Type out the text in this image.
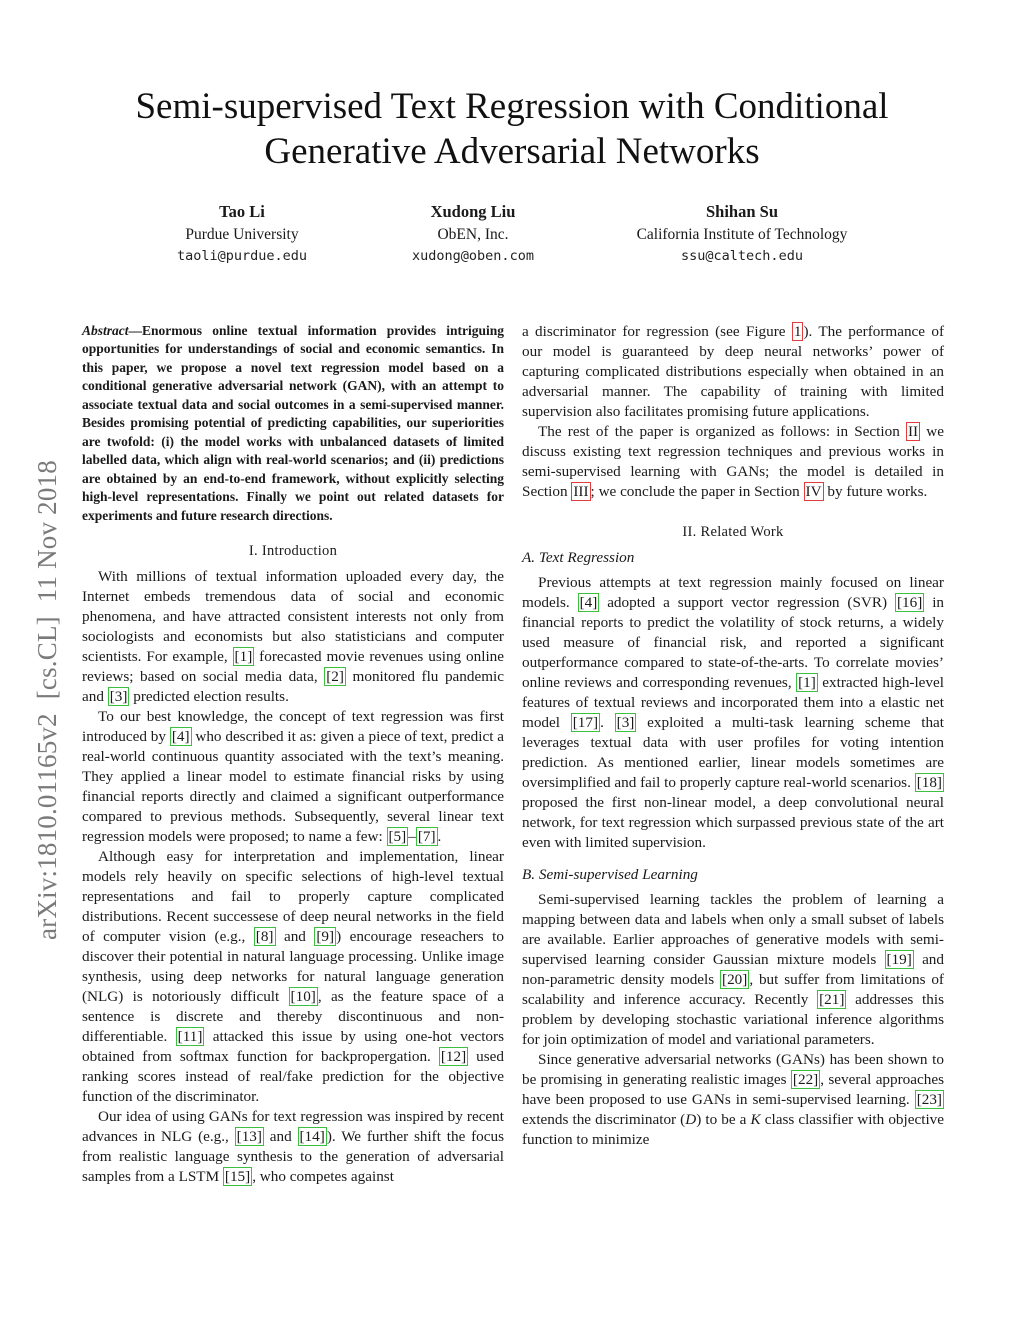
arXiv:1810.01165v2  [cs.CL]  11 Nov 2018
Semi-supervised Text Regression with Conditional
Generative Adversarial Networks
Tao Li
Purdue University
taoli@purdue.edu
Xudong Liu
ObEN, Inc.
xudong@oben.com
Shihan Su
California Institute of Technology
ssu@caltech.edu
Abstract—Enormous online textual information provides intriguing opportunities for understandings of social and economic semantics. In this paper, we propose a novel text regression model based on a conditional generative adversarial network (GAN), with an attempt to associate textual data and social outcomes in a semi-supervised manner. Besides promising potential of predicting capabilities, our superiorities are twofold: (i) the model works with unbalanced datasets of limited labelled data, which align with real-world scenarios; and (ii) predictions are obtained by an end-to-end framework, without explicitly selecting high-level representations. Finally we point out related datasets for experiments and future research directions.
I. Introduction

With millions of textual information uploaded every day, the Internet embeds tremendous data of social and economic phenomena, and have attracted consistent interests not only from sociologists and economists but also statisticians and computer scientists. For example, [1] forecasted movie revenues using online reviews; based on social media data, [2] monitored flu pandemic and [3] predicted election results.

To our best knowledge, the concept of text regression was first introduced by [4] who described it as: given a piece of text, predict a real-world continuous quantity associated with the text’s meaning. They applied a linear model to estimate financial risks by using financial reports directly and claimed a significant outperformance compared to previous methods. Subsequently, several linear text regression models were proposed; to name a few: [5] – [7] .

Although easy for interpretation and implementation, linear models rely heavily on specific selections of high-level textual representations and fail to properly capture complicated distributions. Recent successese of deep neural networks in the field of computer vision (e.g., [8] and [9] ) encourage reseachers to discover their potential in natural language processing. Unlike image synthesis, using deep networks for natural language generation (NLG) is notoriously difficult [10] , as the feature space of a sentence is discrete and thereby discontinuous and non-differentiable. [11] attacked this issue by using one-hot vectors obtained from softmax function for backpropergation. [12] used ranking scores instead of real/fake prediction for the objective function of the discriminator.

Our idea of using GANs for text regression was inspired by recent advances in NLG (e.g., [13] and [14] ). We further shift the focus from realistic language synthesis to the generation of adversarial samples from a LSTM [15] , who competes against

a discriminator for regression (see Figure 1 ). The performance of our model is guaranteed by deep neural networks’ power of capturing complicated distributions especially when obtained in an adversarial manner. The capability of training with limited supervision also facilitates promising future applications.

The rest of the paper is organized as follows: in Section II we discuss existing text regression techniques and previous works in semi-supervised learning with GANs; the model is detailed in Section III ; we conclude the paper in Section IV by future works.

II. Related Work
A. Text Regression

Previous attempts at text regression mainly focused on linear models. [4] adopted a support vector regression (SVR) [16] in financial reports to predict the volatility of stock returns, a widely used measure of financial risk, and reported a significant outperformance compared to state-of-the-arts. To correlate movies’ online reviews and corresponding revenues, [1] extracted high-level features of textual reviews and incorporated them into a elastic net model [17] . [3] exploited a multi-task learning scheme that leverages textual data with user profiles for voting intention prediction. As mentioned earlier, linear models sometimes are oversimplified and fail to properly capture real-world scenarios. [18] proposed the first non-linear model, a deep convolutional neural network, for text regression which surpassed previous state of the art even with limited supervision.

B. Semi-supervised Learning

Semi-supervised learning tackles the problem of learning a mapping between data and labels when only a small subset of labels are available. Earlier approaches of generative models with semi-supervised learning consider Gaussian mixture models [19] and non-parametric density models [20] , but suffer from limitations of scalability and inference accuracy. Recently [21] addresses this problem by developing stochastic variational inference algorithms for join optimization of model and variational parameters.

Since generative adversarial networks (GANs) has been shown to be promising in generating realistic images [22] , several approaches have been proposed to use GANs in semi-supervised learning. [23] extends the discriminator (D) to be a K class classifier with objective function to minimize
